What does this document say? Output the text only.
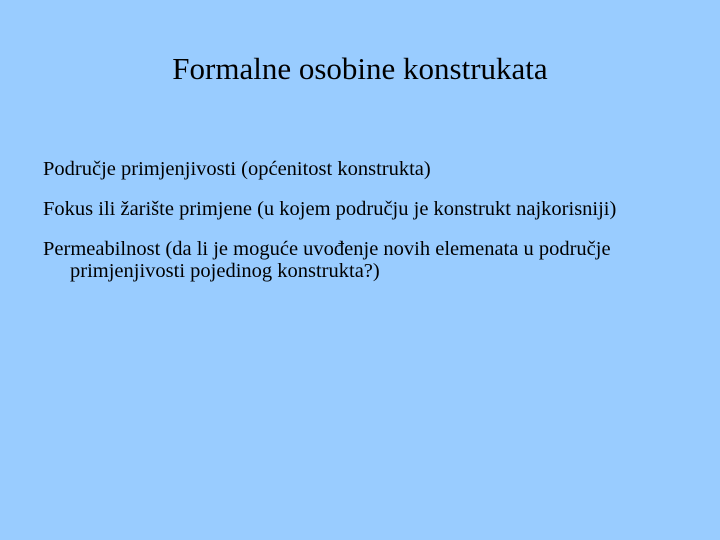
Formalne osobine konstrukata
Područje primjenjivosti (općenitost konstrukta)
Fokus ili žarište primjene (u kojem području je konstrukt najkorisniji)
Permeabilnost (da li je moguće uvođenje novih elemenata u područje primjenjivosti pojedinog konstrukta?)
